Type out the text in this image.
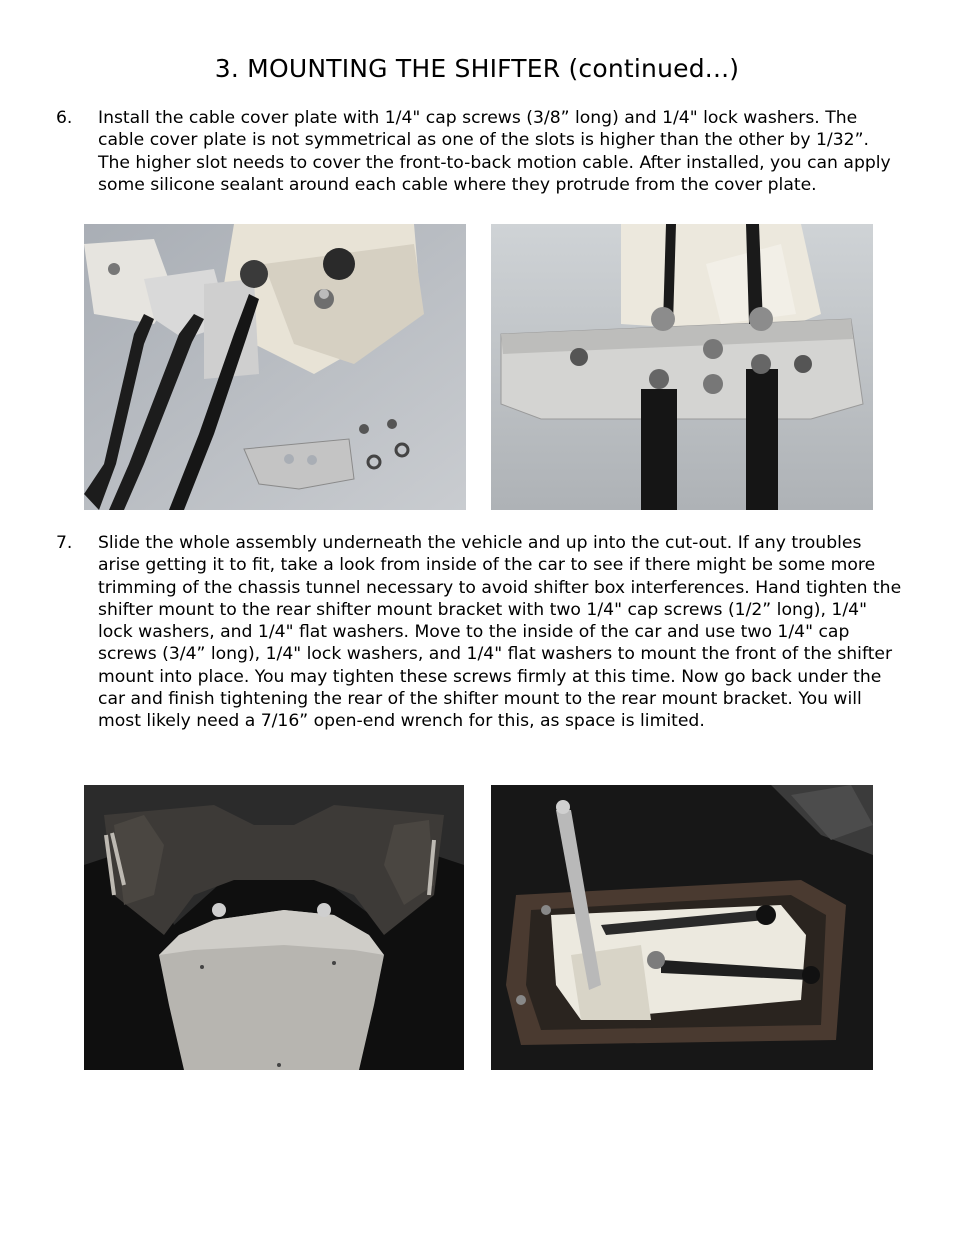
3. MOUNTING THE SHIFTER (continued...)
6. Install the cable cover plate with 1/4" cap screws (3/8” long) and 1/4" lock washers. The cable cover plate is not symmetrical as one of the slots is higher than the other by 1/32”. The higher slot needs to cover the front-to-back motion cable. After installed, you can apply some silicone sealant around each cable where they protrude from the cover plate.
7. Slide the whole assembly underneath the vehicle and up into the cut-out. If any troubles arise getting it to fit, take a look from inside of the car to see if there might be some more trimming of the chassis tunnel necessary to avoid shifter box interferences. Hand tighten the shifter mount to the rear shifter mount bracket with two 1/4" cap screws (1/2” long), 1/4" lock washers, and 1/4" flat washers. Move to the inside of the car and use two 1/4" cap screws (3/4” long), 1/4" lock washers, and 1/4" flat washers to mount the front of the shifter mount into place. You may tighten these screws firmly at this time. Now go back under the car and finish tightening the rear of the shifter mount to the rear mount bracket. You will most likely need a 7/16” open-end wrench for this, as space is limited.
